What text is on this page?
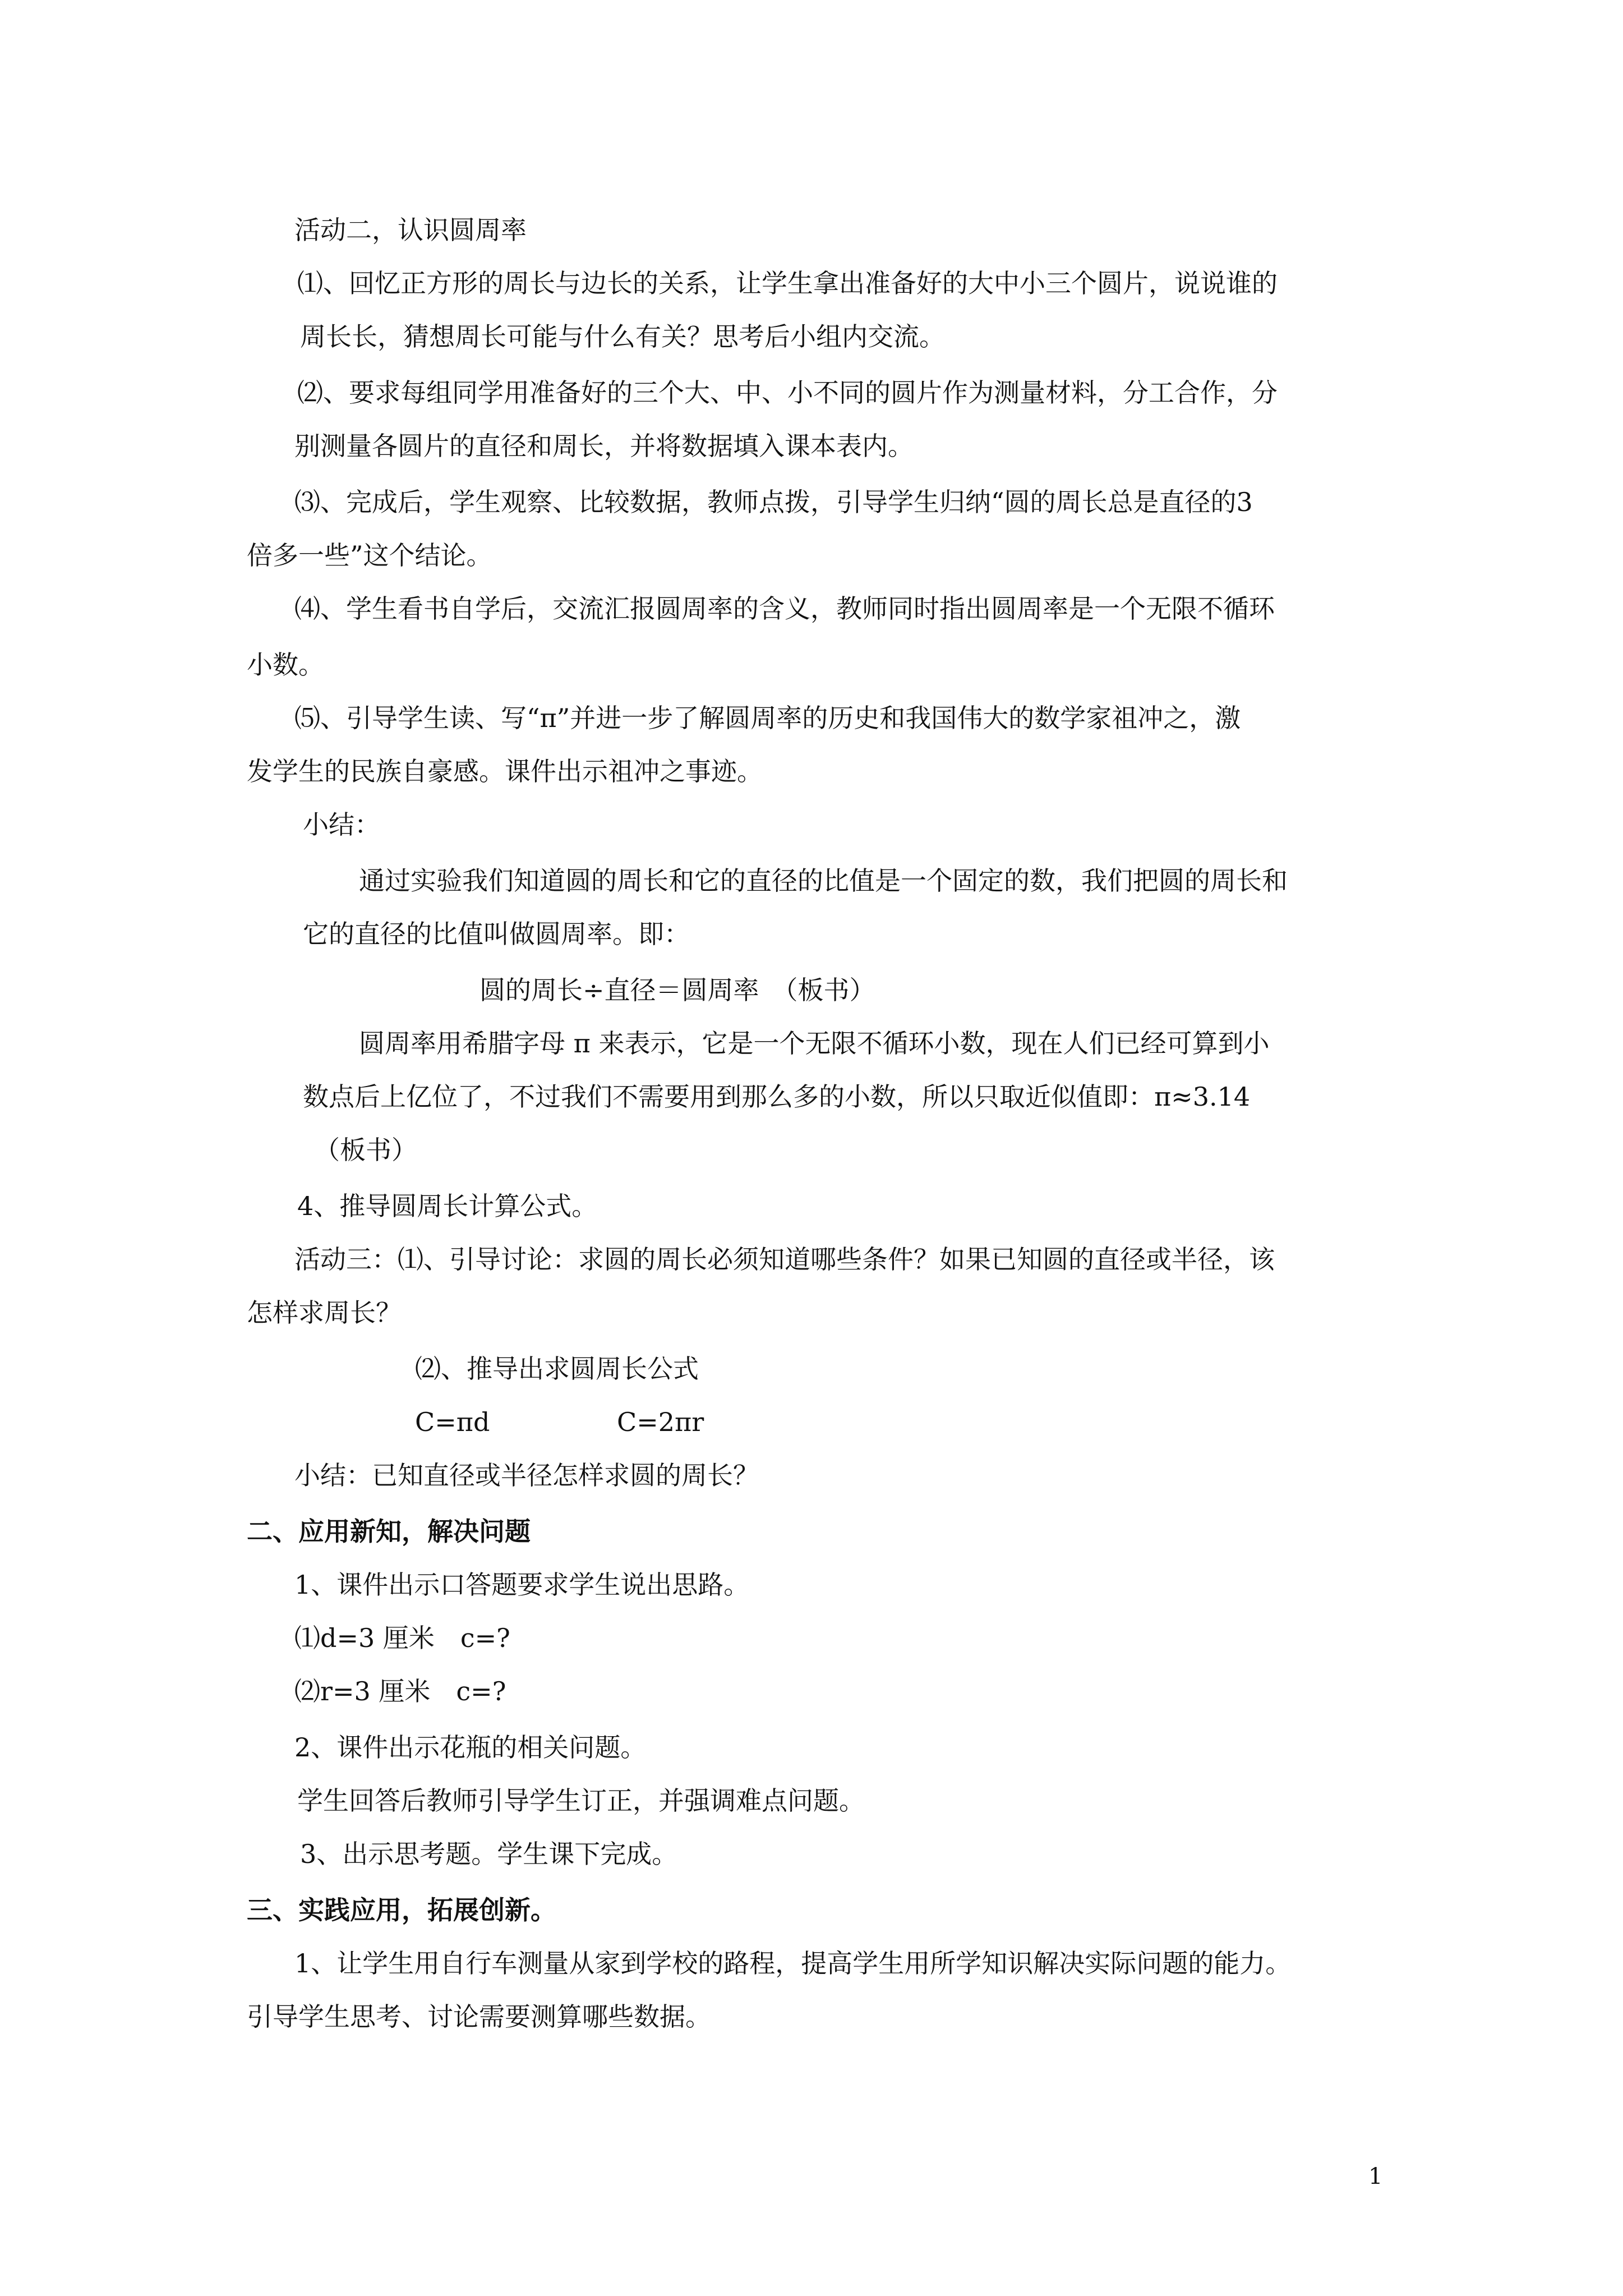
活动二，认识圆周率
⑴、回忆正方形的周长与边长的关系，让学生拿出准备好的大中小三个圆片，说说谁的
周长长，猜想周长可能与什么有关？思考后小组内交流。
⑵、要求每组同学用准备好的三个大、中、小不同的圆片作为测量材料，分工合作，分
别测量各圆片的直径和周长，并将数据填入课本表内。
⑶、完成后，学生观察、比较数据，教师点拨，引导学生归纳“圆的周长总是直径的3
倍多一些”这个结论。
⑷、学生看书自学后，交流汇报圆周率的含义，教师同时指出圆周率是一个无限不循环
小数。
⑸、引导学生读、写“π”并进一步了解圆周率的历史和我国伟大的数学家祖冲之，激
发学生的民族自豪感。课件出示祖冲之事迹。
小结：
通过实验我们知道圆的周长和它的直径的比值是一个固定的数，我们把圆的周长和
它的直径的比值叫做圆周率。即：
圆的周长÷直径＝圆周率　（板书）
圆周率用希腊字母 π 来表示，它是一个无限不循环小数，现在人们已经可算到小
数点后上亿位了，不过我们不需要用到那么多的小数，所以只取近似值即：π≈3.14
（板书）
4、推导圆周长计算公式。
活动三：⑴、引导讨论：求圆的周长必须知道哪些条件？如果已知圆的直径或半径，该
怎样求周长？
⑵、推导出求圆周长公式
C=πd	C=2πr
小结：已知直径或半径怎样求圆的周长？
二、应用新知，解决问题
1、课件出示口答题要求学生说出思路。
⑴d=3 厘米　c=?
⑵r=3 厘米　c=?
2、课件出示花瓶的相关问题。
学生回答后教师引导学生订正，并强调难点问题。
3、出示思考题。学生课下完成。
三、实践应用，拓展创新。
1、让学生用自行车测量从家到学校的路程，提高学生用所学知识解决实际问题的能力。
引导学生思考、讨论需要测算哪些数据。
1
